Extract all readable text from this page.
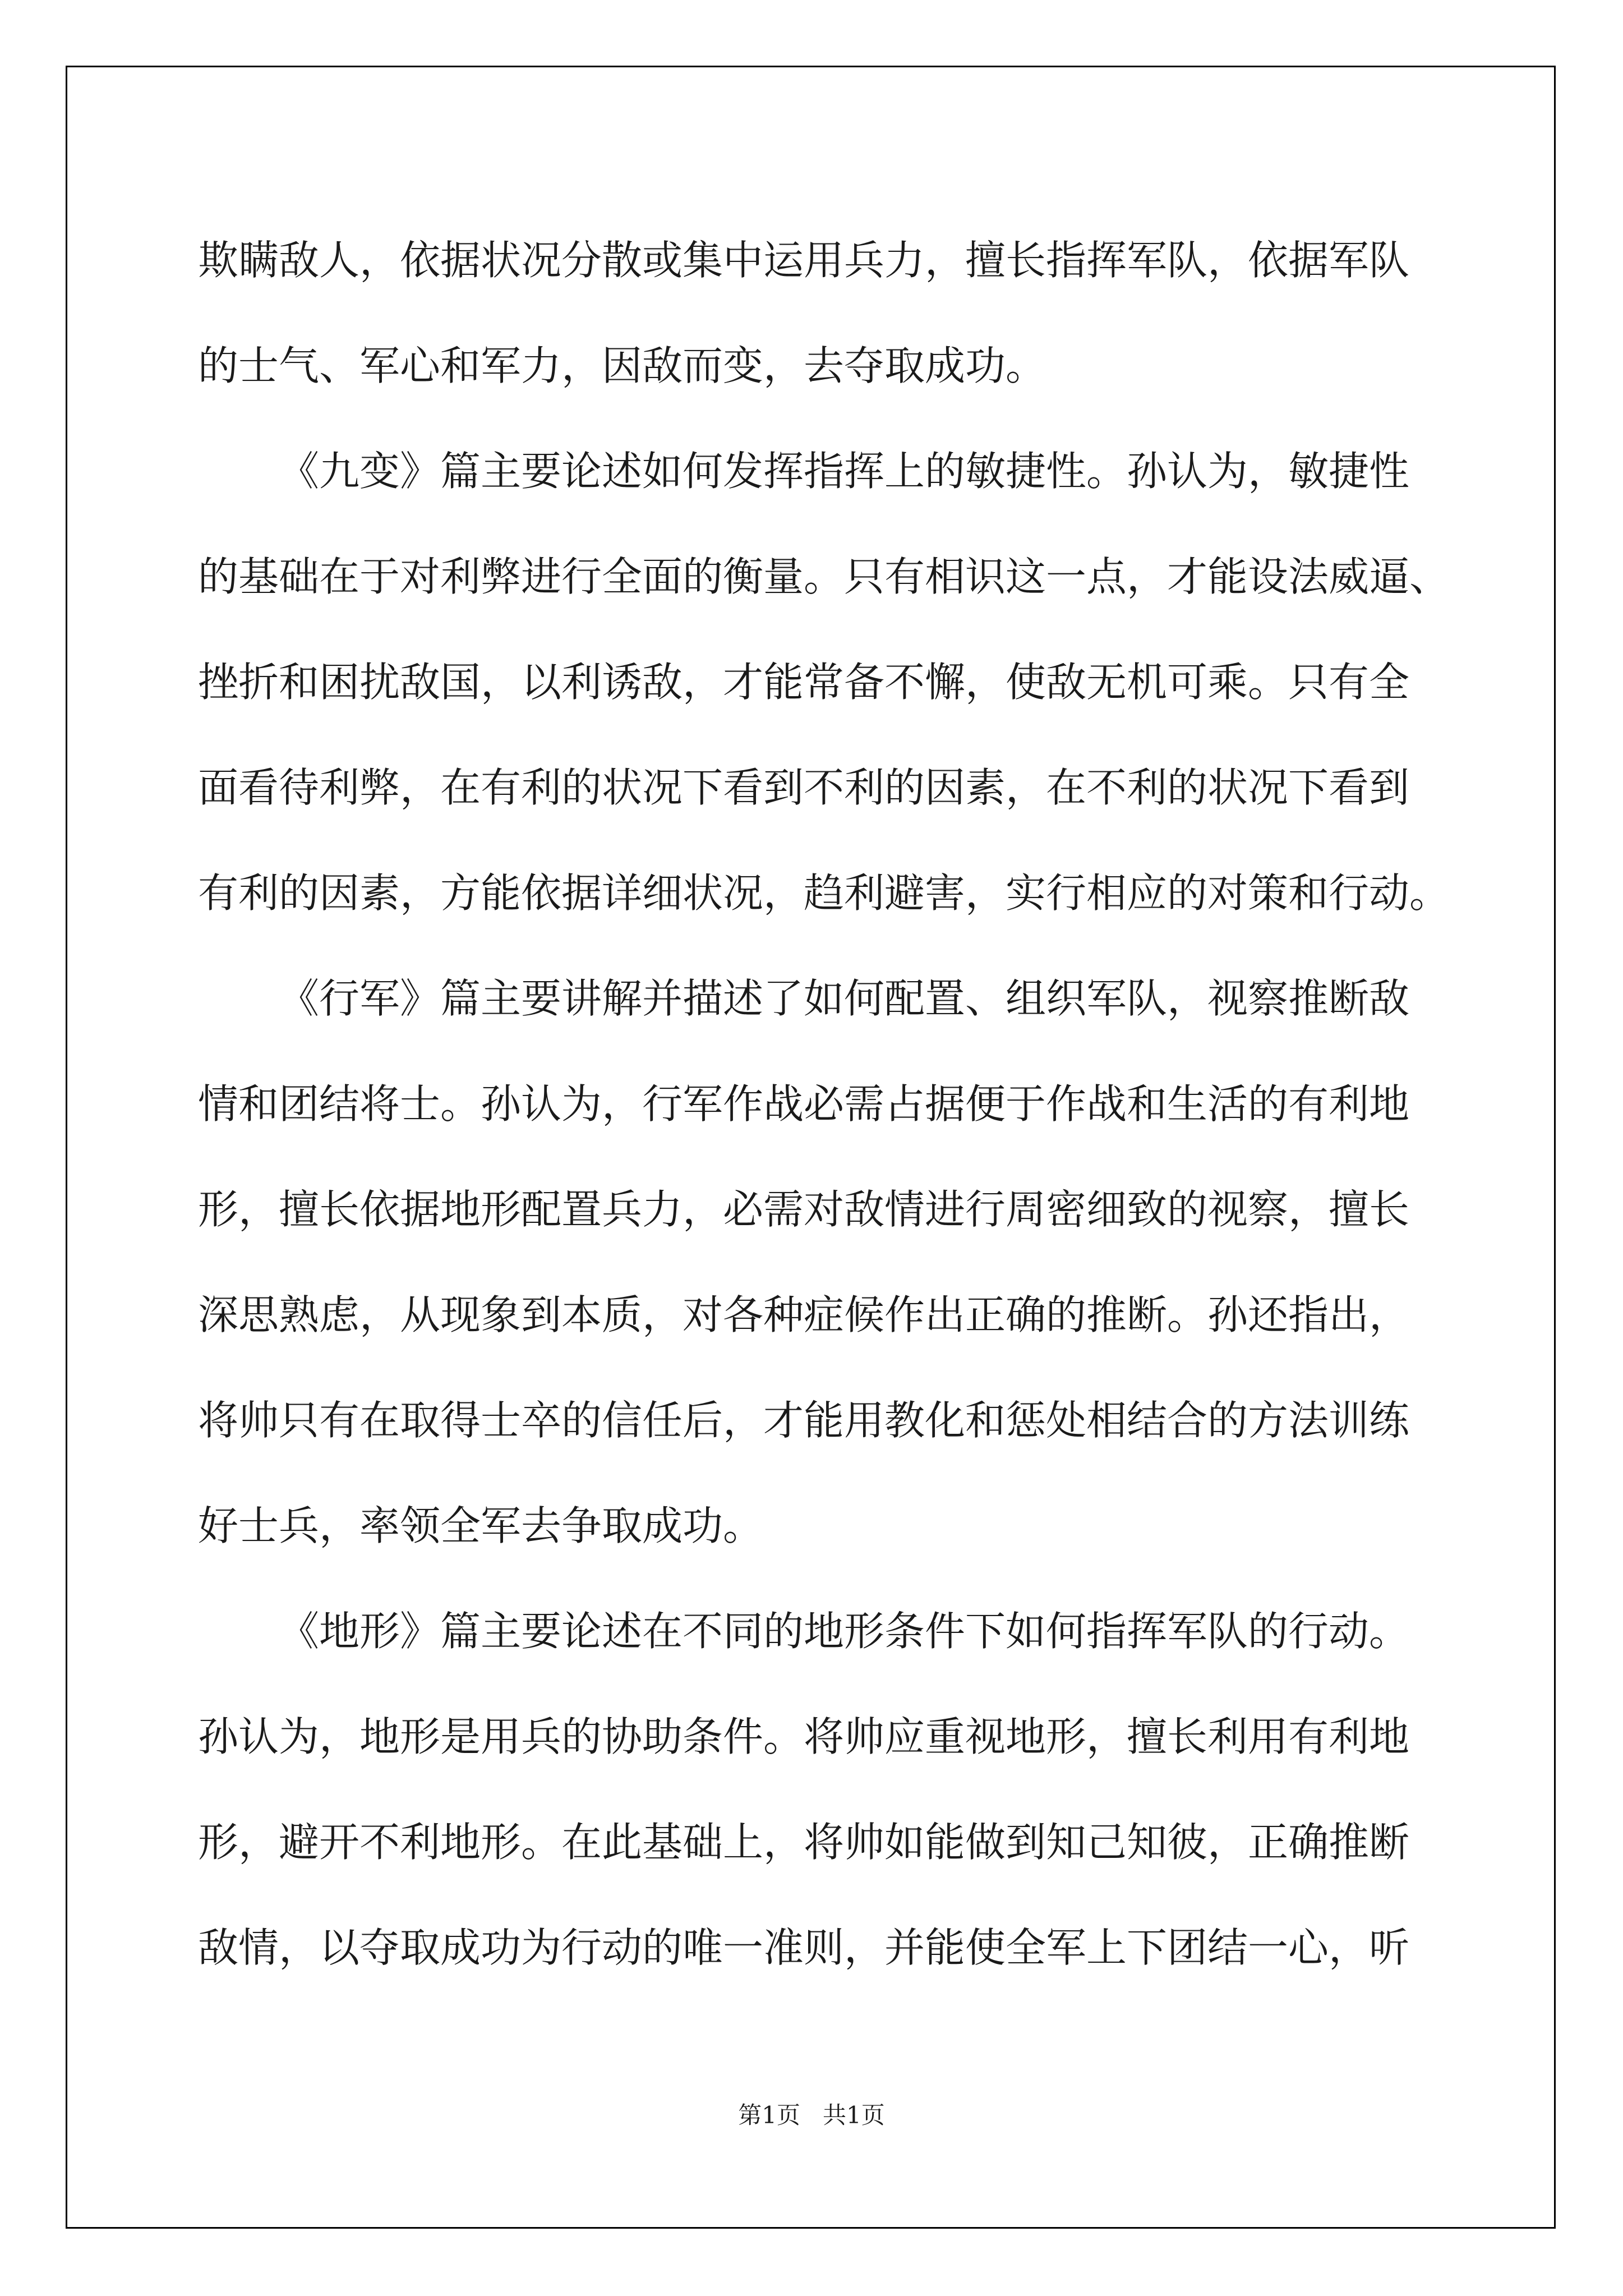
欺瞒敌人，依据状况分散或集中运用兵力，擅长指挥军队，依据军队
的士气、军心和军力，因敌而变，去夺取成功。
《九变》篇主要论述如何发挥指挥上的敏捷性。孙认为，敏捷性
的基础在于对利弊进行全面的衡量。只有相识这一点，才能设法威逼、
挫折和困扰敌国，以利诱敌，才能常备不懈，使敌无机可乘。只有全
面看待利弊，在有利的状况下看到不利的因素，在不利的状况下看到
有利的因素，方能依据详细状况，趋利避害，实行相应的对策和行动。
《行军》篇主要讲解并描述了如何配置、组织军队，视察推断敌
情和团结将士。孙认为，行军作战必需占据便于作战和生活的有利地
形，擅长依据地形配置兵力，必需对敌情进行周密细致的视察，擅长
深思熟虑，从现象到本质，对各种症候作出正确的推断。孙还指出，
将帅只有在取得士卒的信任后，才能用教化和惩处相结合的方法训练
好士兵，率领全军去争取成功。
《地形》篇主要论述在不同的地形条件下如何指挥军队的行动。
孙认为，地形是用兵的协助条件。将帅应重视地形，擅长利用有利地
形，避开不利地形。在此基础上，将帅如能做到知己知彼，正确推断
敌情，以夺取成功为行动的唯一准则，并能使全军上下团结一心，听
第1页 共1页
